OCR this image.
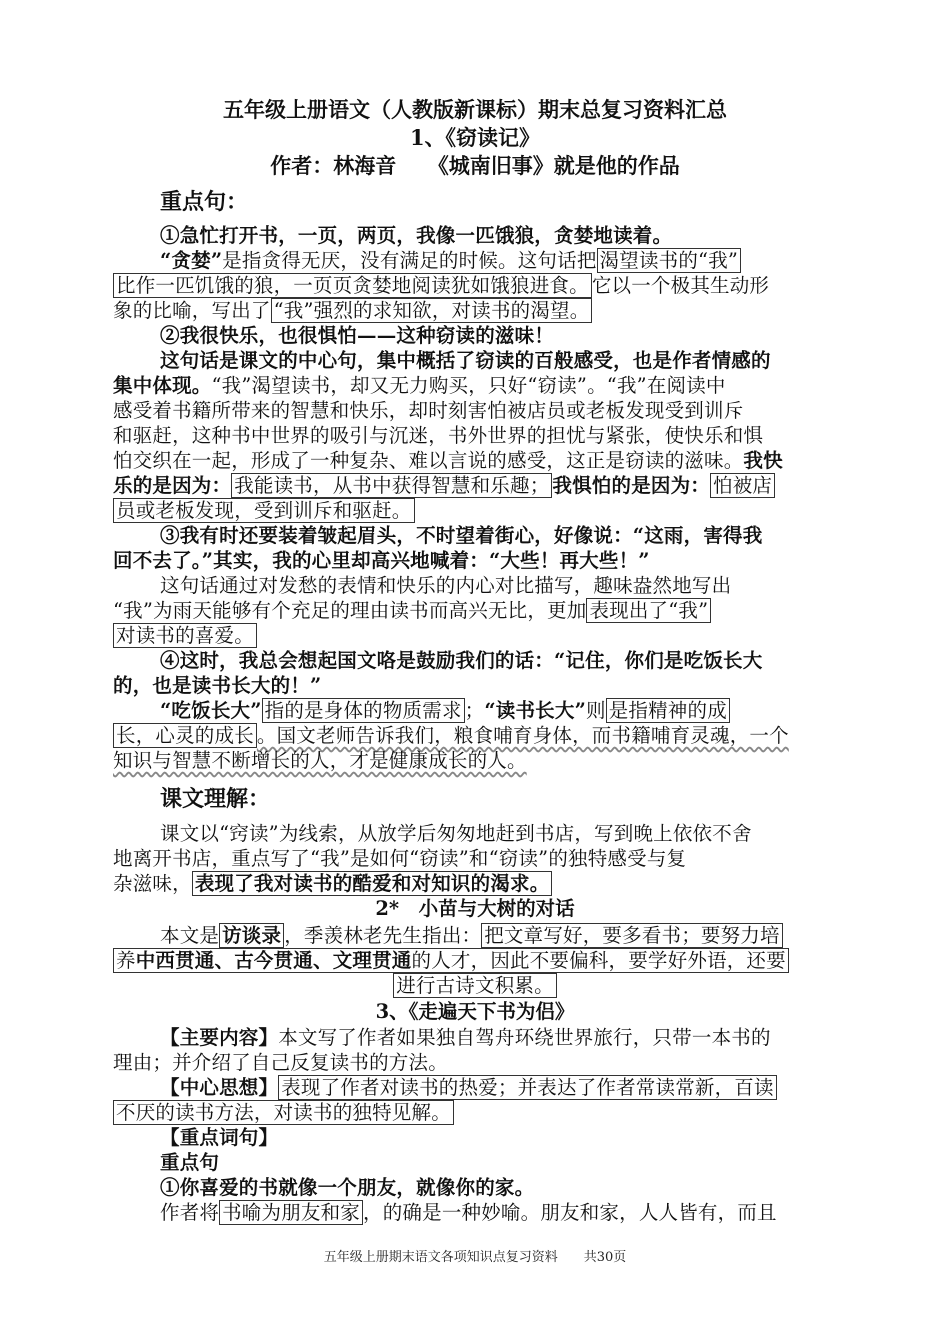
五年级上册语文（人教版新课标）期末总复习资料汇总
1、《窃读记》
作者：林海音　　《城南旧事》就是他的作品
重点句：
①急忙打开书，一页，两页，我像一匹饿狼，贪婪地读着。
“贪婪”是指贪得无厌，没有满足的时候。这句话把 渴望读书的“我”
比作一匹饥饿的狼，一页页贪婪地阅读犹如饿狼进食。 它以一个极其生动形
象的比喻，写出了 “我”强烈的求知欲，对读书的渴望。
②我很快乐，也很惧怕——这种窃读的滋味！
这句话是课文的中心句，集中概括了窃读的百般感受，也是作者情感的
集中体现。“我”渴望读书，却又无力购买，只好“窃读”。“我”在阅读中
感受着书籍所带来的智慧和快乐，却时刻害怕被店员或老板发现受到训斥
和驱赶，这种书中世界的吸引与沉迷，书外世界的担忧与紧张，使快乐和惧
怕交织在一起，形成了一种复杂、难以言说的感受，这正是窃读的滋味。我快
乐的是因为： 我能读书，从书中获得智慧和乐趣； 我惧怕的是因为： 怕被店
员或老板发现，受到训斥和驱赶。
③我有时还要装着皱起眉头，不时望着街心，好像说：“这雨，害得我
回不去了。”其实，我的心里却高兴地喊着：“大些！再大些！”
这句话通过对发愁的表情和快乐的内心对比描写，趣味盎然地写出
“我”为雨天能够有个充足的理由读书而高兴无比，更加 表现出了“我”
对读书的喜爱。
④这时，我总会想起国文咯是鼓励我们的话：“记住，你们是吃饭长大
的，也是读书长大的！”
“吃饭长大” 指的是身体的物质需求 ；“读书长大”则 是指精神的成
长，心灵的成长 。国文老师告诉我们，粮食哺育身体，而书籍哺育灵魂，一个
知识与智慧不断增长的人，才是健康成长的人。
课文理解：
课文以“窍读”为线索，从放学后匆匆地赶到书店，写到晚上依依不舍
地离开书店，重点写了“我”是如何“窃读”和“窃读”的独特感受与复
杂滋味， 表现了我对读书的酷爱和对知识的渴求。
2*　小苗与大树的对话
本文是 访谈录 ，季羡林老先生指出： 把文章写好，要多看书；要努力培
养中西贯通、古今贯通、文理贯通的人才，因此不要偏科，要学好外语，还要
进行古诗文积累。
3、《走遍天下书为侣》
【主要内容】本文写了作者如果独自驾舟环绕世界旅行，只带一本书的
理由；并介绍了自己反复读书的方法。
【中心思想】 表现了作者对读书的热爱；并表达了作者常读常新，百读
不厌的读书方法，对读书的独特见解。
【重点词句】
重点句
①你喜爱的书就像一个朋友，就像你的家。
作者将 书喻为朋友和家 ，的确是一种妙喻。朋友和家，人人皆有，而且
五年级上册期末语文各项知识点复习资料　　共30页
